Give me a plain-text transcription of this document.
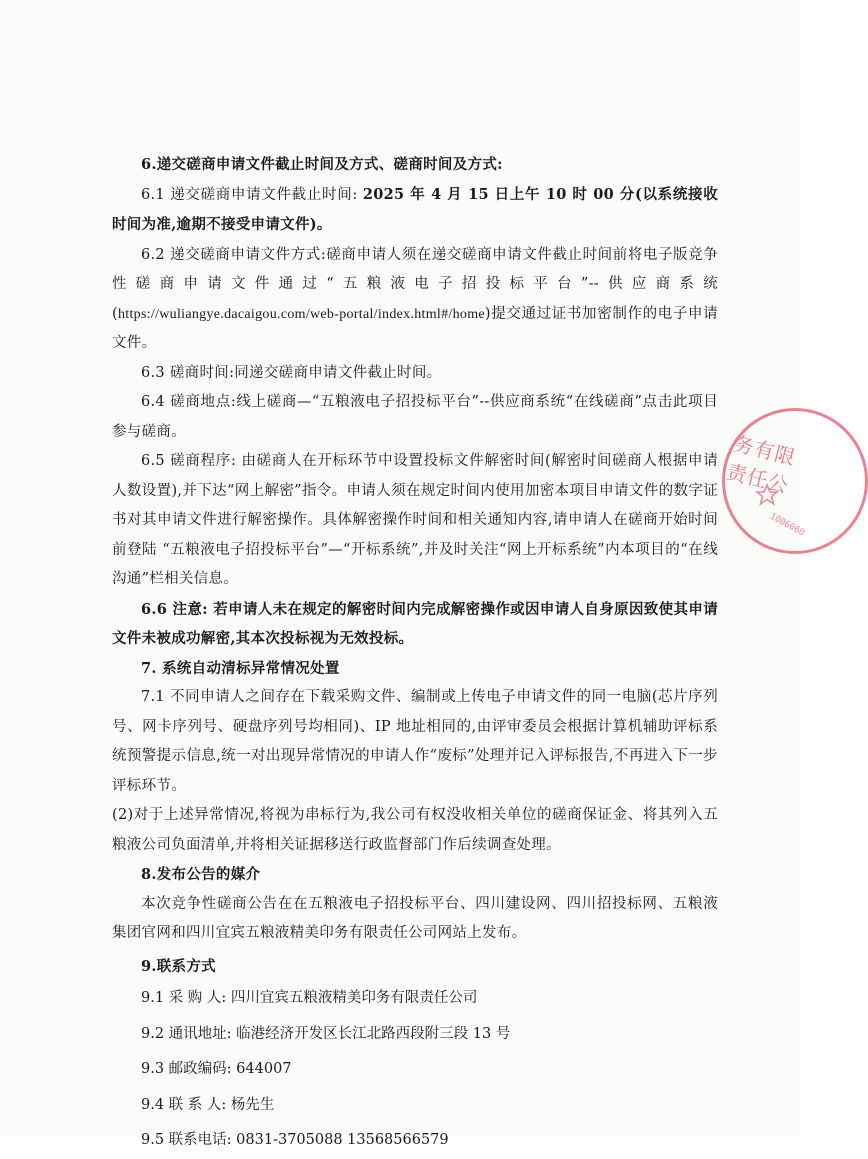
6.递交磋商申请文件截止时间及方式、磋商时间及方式:

6.1 递交磋商申请文件截止时间: 2025 年 4 月 15 日上午 10 时 00 分(以系统接收时间为准,逾期不接受申请文件)。

6.2 递交磋商申请文件方式:磋商申请人须在递交磋商申请文件截止时间前将电子版竞争性磋商申请文件通过“五粮液电子招投标平台”--供应商系统(https://wuliangye.dacaigou.com/web-portal/index.html#/home)提交通过证书加密制作的电子申请文件。

6.3 磋商时间:同递交磋商申请文件截止时间。

6.4 磋商地点:线上磋商—“五粮液电子招投标平台”--供应商系统“在线磋商”点击此项目参与磋商。

6.5 磋商程序: 由磋商人在开标环节中设置投标文件解密时间(解密时间磋商人根据申请人数设置),并下达“网上解密”指令。申请人须在规定时间内使用加密本项目申请文件的数字证书对其申请文件进行解密操作。具体解密操作时间和相关通知内容,请申请人在磋商开始时间前登陆 “五粮液电子招投标平台”—“开标系统”,并及时关注“网上开标系统”内本项目的“在线沟通”栏相关信息。

6.6 注意: 若申请人未在规定的解密时间内完成解密操作或因申请人自身原因致使其申请文件未被成功解密,其本次投标视为无效投标。

7. 系统自动清标异常情况处置

7.1 不同申请人之间存在下载采购文件、编制或上传电子申请文件的同一电脑(芯片序列号、网卡序列号、硬盘序列号均相同)、IP 地址相同的,由评审委员会根据计算机辅助评标系统预警提示信息,统一对出现异常情况的申请人作“废标”处理并记入评标报告,不再进入下一步评标环节。

(2)对于上述异常情况,将视为串标行为,我公司有权没收相关单位的磋商保证金、将其列入五粮液公司负面清单,并将相关证据移送行政监督部门作后续调查处理。

8.发布公告的媒介

本次竞争性磋商公告在在五粮液电子招投标平台、四川建设网、四川招投标网、五粮液集团官网和四川宜宾五粮液精美印务有限责任公司网站上发布。

9.联系方式

9.1 采 购 人: 四川宜宾五粮液精美印务有限责任公司

9.2 通讯地址: 临港经济开发区长江北路西段附三段 13 号

9.3 邮政编码: 644007

9.4 联 系 人: 杨先生

9.5 联系电话: 0831-3705088 13568566579

务有限责任公
1006060
